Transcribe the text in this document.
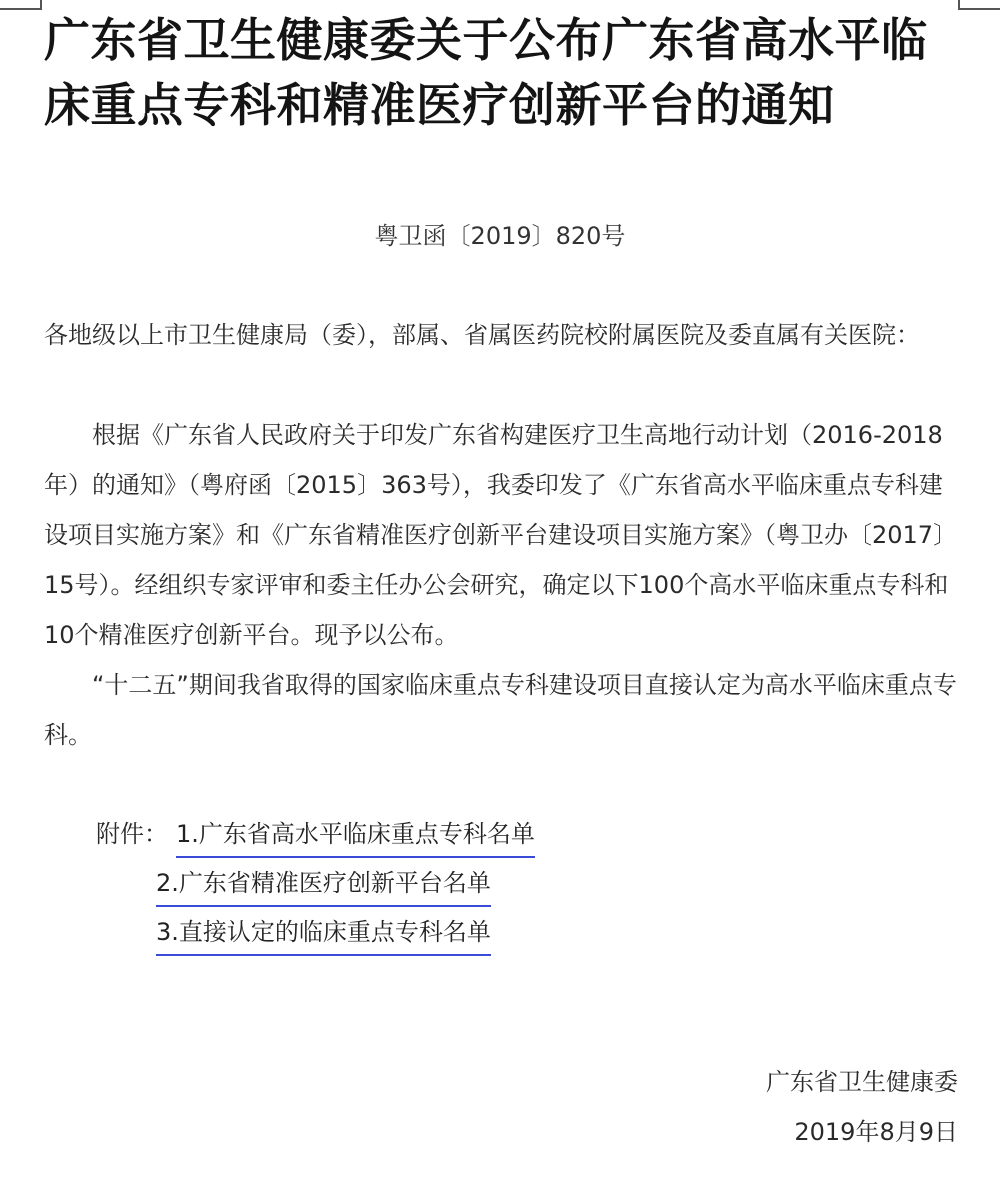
广东省卫生健康委关于公布广东省高水平临床重点专科和精准医疗创新平台的通知
粤卫函〔2019〕820号

各地级以上市卫生健康局（委），部属、省属医药院校附属医院及委直属有关医院：

根据《广东省人民政府关于印发广东省构建医疗卫生高地行动计划（2016-2018年）的通知》（粤府函〔2015〕363号），我委印发了《广东省高水平临床重点专科建设项目实施方案》和《广东省精准医疗创新平台建设项目实施方案》（粤卫办〔2017〕15号）。经组织专家评审和委主任办公会研究，确定以下100个高水平临床重点专科和10个精准医疗创新平台。现予以公布。

“十二五”期间我省取得的国家临床重点专科建设项目直接认定为高水平临床重点专科。

附件： 1.广东省高水平临床重点专科名单
2.广东省精准医疗创新平台名单
3.直接认定的临床重点专科名单
广东省卫生健康委
2019年8月9日
